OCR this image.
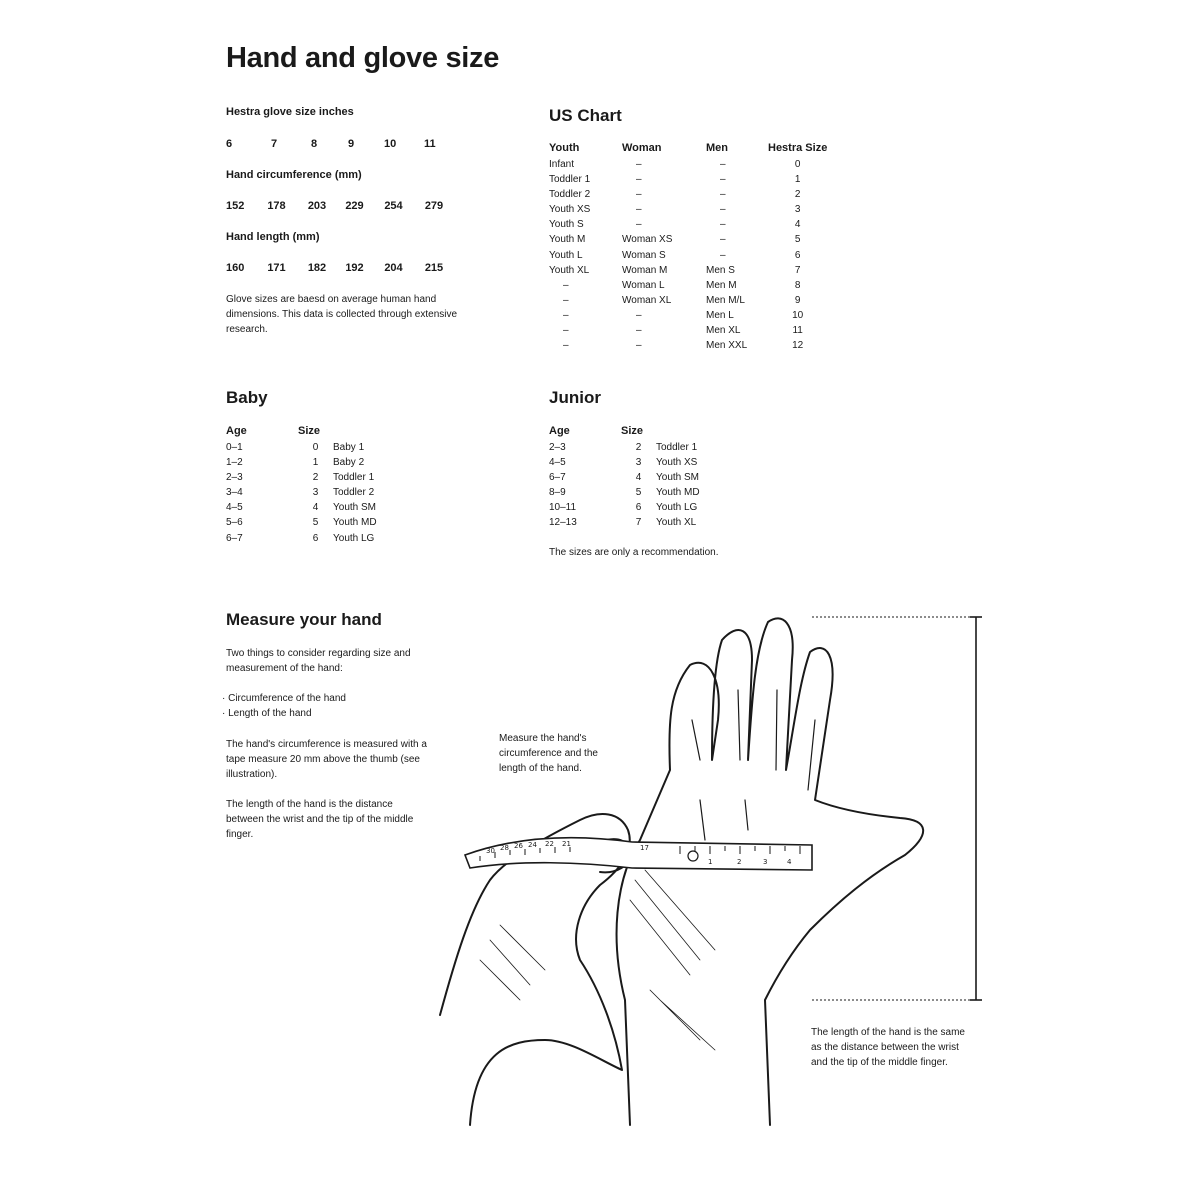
Hand and glove size
Hestra glove size inches
6	7	8	9	10	11
Hand circumference (mm)
152	178	203	229	254	279
Hand length (mm)
160	171	182	192	204	215

Glove sizes are baesd on average human hand dimensions. This data is collected through extensive research.

US Chart
Youth	Woman	Men	Hestra Size
Infant	–	–	0
Toddler 1	–	–	1
Toddler 2	–	–	2
Youth XS	–	–	3
Youth S	–	–	4
Youth M	Woman XS	–	5
Youth L	Woman S	–	6
Youth XL	Woman M	Men S	7
–	Woman L	Men M	8
–	Woman XL	Men M/L	9
–	–	Men L	10
–	–	Men XL	11
–	–	Men XXL	12
Baby
Age	Size	
0–1	0	Baby 1
1–2	1	Baby 2
2–3	2	Toddler 1
3–4	3	Toddler 2
4–5	4	Youth SM
5–6	5	Youth MD
6–7	6	Youth LG
Junior
Age	Size	
2–3	2	Toddler 1
4–5	3	Youth XS
6–7	4	Youth SM
8–9	5	Youth MD
10–11	6	Youth LG
12–13	7	Youth XL

The sizes are only a recommendation.

Measure your hand

Two things to consider regarding size and measurement of the hand:

· Circumference of the hand
· Length of the hand

The hand's circumference is measured with a tape measure 20 mm above the thumb (see illustration).

The length of the hand is the distance between the wrist and the tip of the middle finger.

Measure the hand's circumference and the length of the hand.

The length of the hand is the same as the distance between the wrist and the tip of the middle finger.

30 28 26 24 22 21	17
1	2	3	4
